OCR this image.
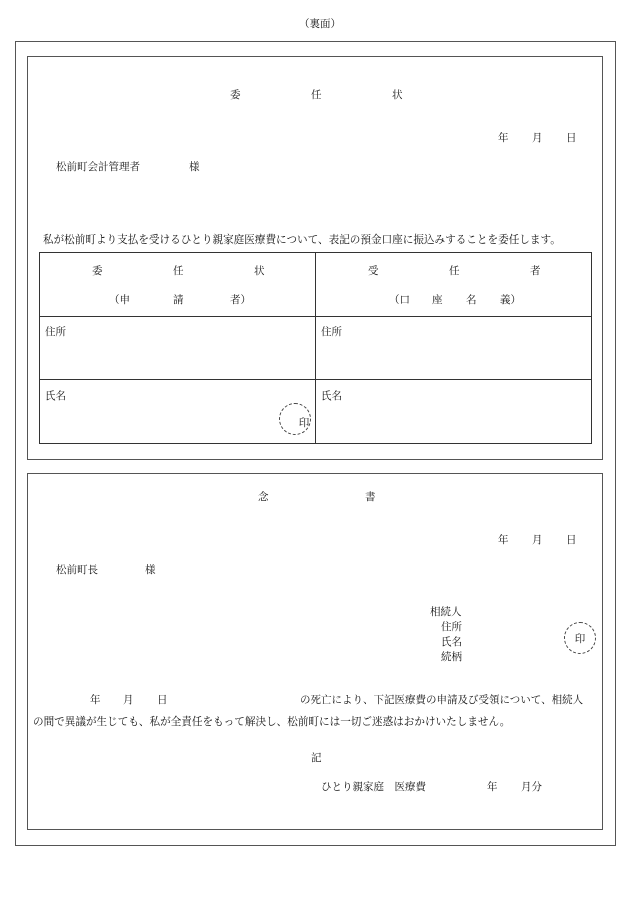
（裏面）
委	任	状
年 月 日
松前町会計管理者	様
私が松前町より支払を受けるひとり親家庭医療費について、表記の預金口座に振込みすることを委任します。
委	任	状
（申	請	者）
受	任	者
（口 座 名 義）
住所	住所
氏名	氏名
印
念	書
年 月 日
松前町長	様
相続人
住所
氏名
続柄
印
年 月 日	の死亡により、下記医療費の申請及び受領について、相続人
の間で異議が生じても、私が全責任をもって解決し、松前町には一切ご迷惑はおかけいたしません。
記
ひとり親家庭　医療費	年 月分
